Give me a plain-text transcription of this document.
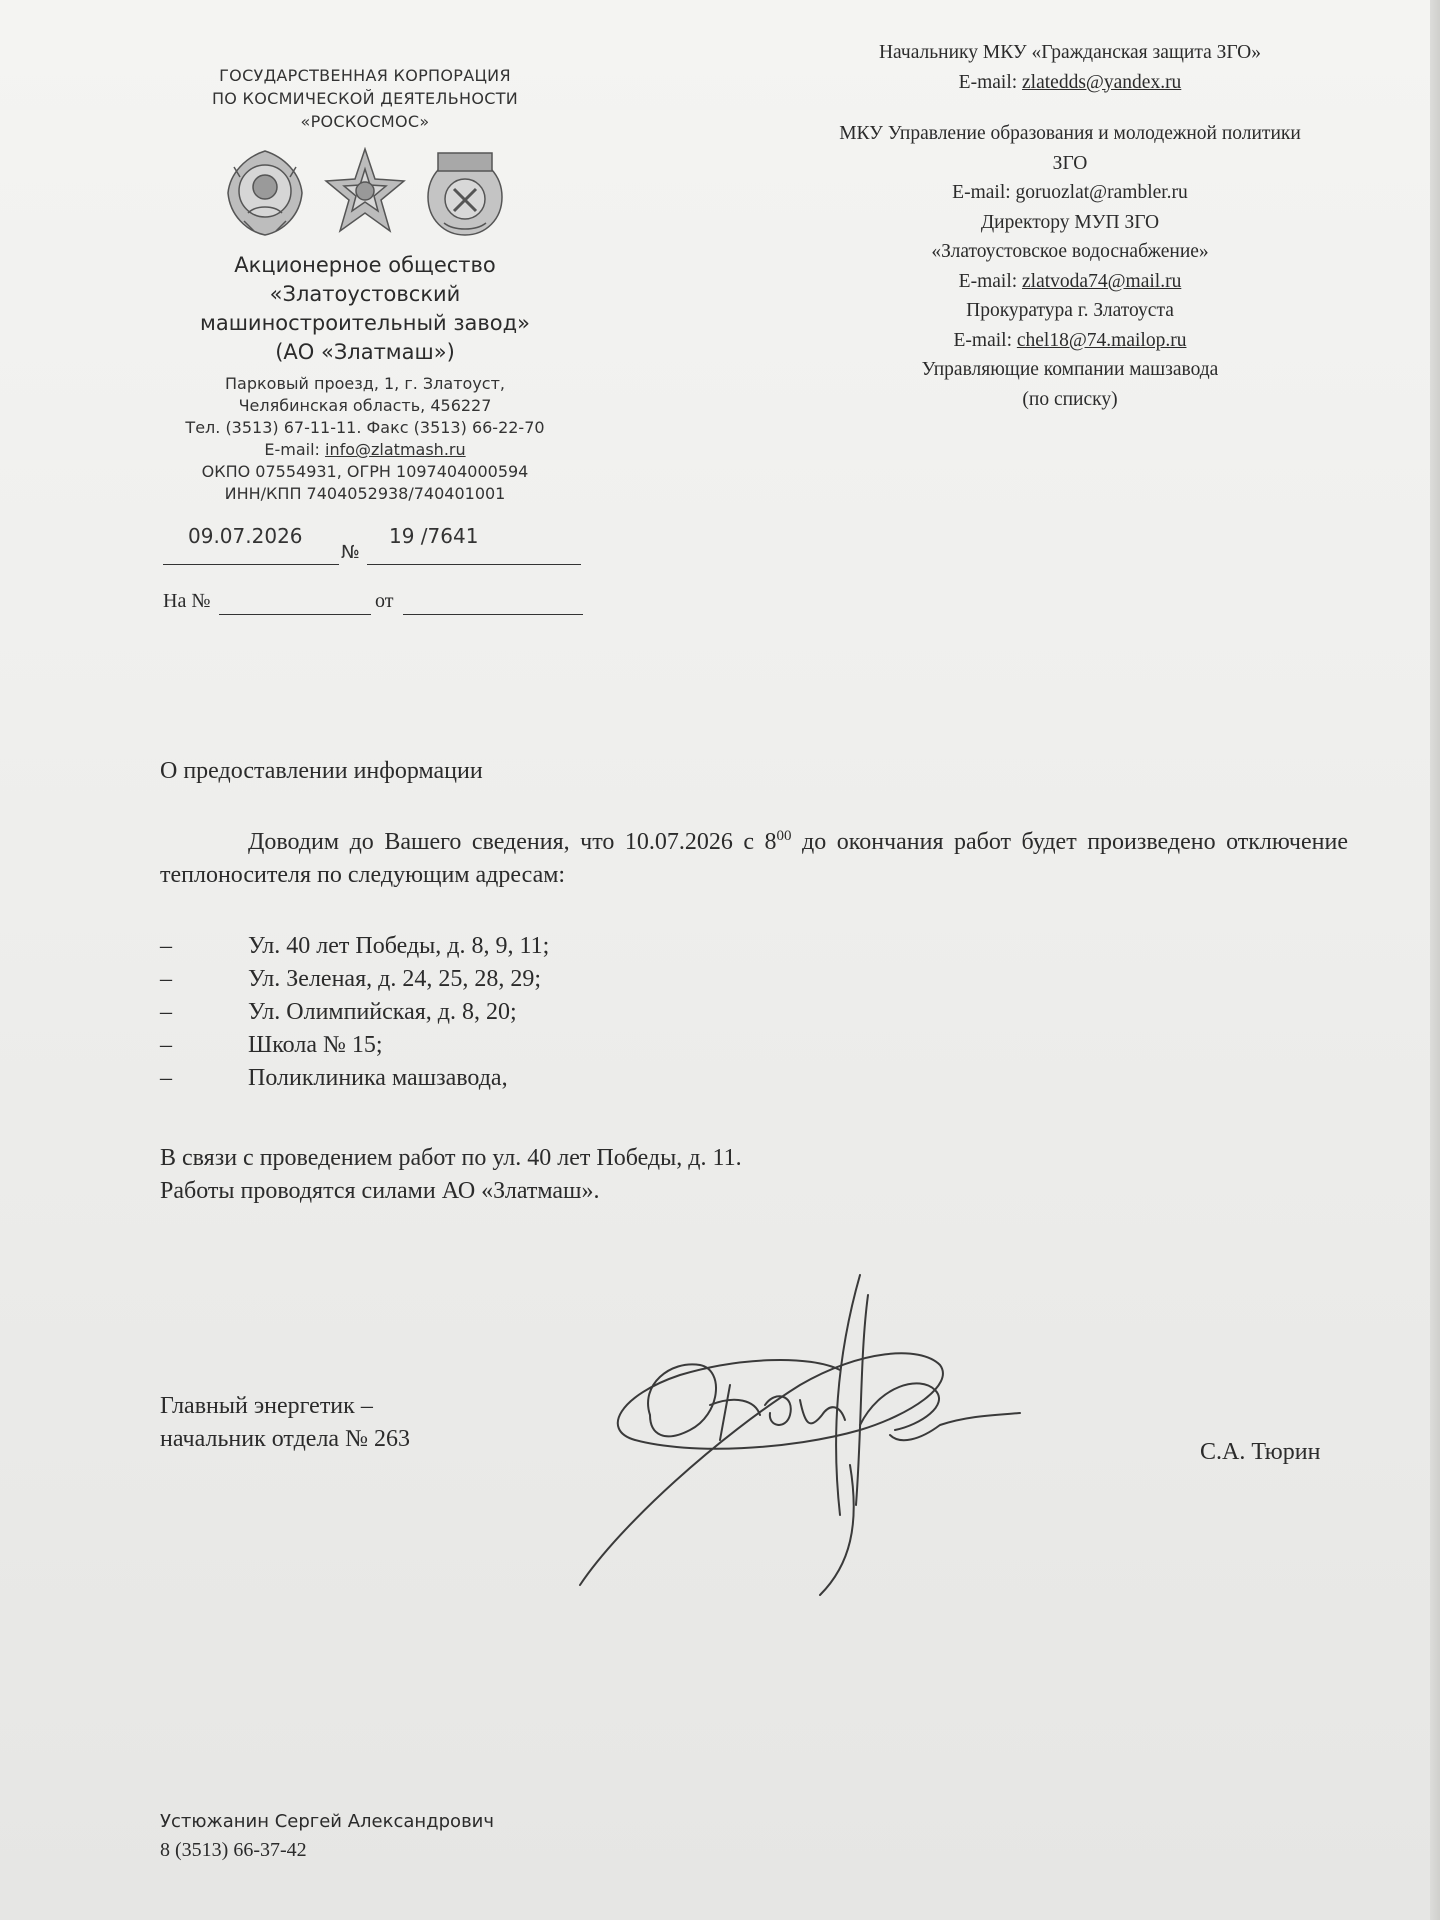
ГОСУДАРСТВЕННАЯ КОРПОРАЦИЯ
ПО КОСМИЧЕСКОЙ ДЕЯТЕЛЬНОСТИ
«РОСКОСМОС»
Акционерное общество
«Златоустовский
машиностроительный завод»
(АО «Златмаш»)
Парковый проезд, 1, г. Златоуст,
Челябинская область, 456227
Тел. (3513) 67-11-11. Факс (3513) 66-22-70
E-mail: info@zlatmash.ru
ОКПО 07554931, ОГРН 1097404000594
ИНН/КПП 7404052938/740401001
09.07.2026
№
19 /7641
На №	от
Начальнику МКУ «Гражданская защита ЗГО»
E-mail: zlatedds@yandex.ru
МКУ Управление образования и молодежной политики
ЗГО
E-mail: goruozlat@rambler.ru
Директору МУП ЗГО
«Златоустовское водоснабжение»
E-mail: zlatvoda74@mail.ru
Прокуратура г. Златоуста
E-mail: chel18@74.mailop.ru
Управляющие компании машзавода
(по списку)
О предоставлении информации
Доводим до Вашего сведения, что 10.07.2026 с $8^{00}$ до окончания работ будет произведено отключение теплоносителя по следующим адресам:
–	Ул. 40 лет Победы, д. 8, 9, 11;
–	Ул. Зеленая, д. 24, 25, 28, 29;
–	Ул. Олимпийская, д. 8, 20;
–	Школа № 15;
–	Поликлиника машзавода,
В связи с проведением работ по ул. 40 лет Победы, д. 11.
Работы проводятся силами АО «Златмаш».
Главный энергетик –
начальник отдела № 263	С.А. Тюрин
Устюжанин Сергей Александрович
8 (3513) 66-37-42
